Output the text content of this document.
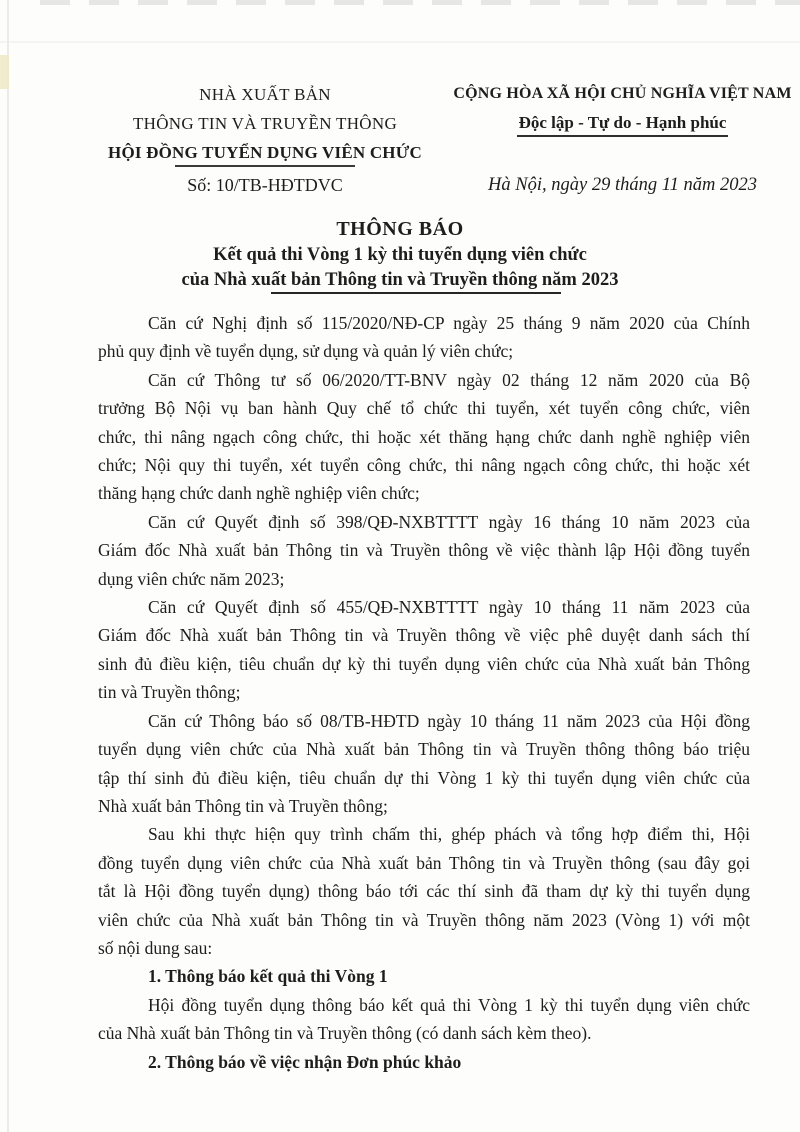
NHÀ XUẤT BẢN
THÔNG TIN VÀ TRUYỀN THÔNG
HỘI ĐỒNG TUYỂN DỤNG VIÊN CHỨC
Số: 10/TB-HĐTDVC
CỘNG HÒA XÃ HỘI CHỦ NGHĨA VIỆT NAM
Độc lập - Tự do - Hạnh phúc
Hà Nội, ngày 29 tháng 11 năm 2023
THÔNG BÁO
Kết quả thi Vòng 1 kỳ thi tuyển dụng viên chức
của Nhà xuất bản Thông tin và Truyền thông năm 2023
Căn cứ Nghị định số 115/2020/NĐ-CP ngày 25 tháng 9 năm 2020 của Chính
phủ quy định về tuyển dụng, sử dụng và quản lý viên chức;
Căn cứ Thông tư số 06/2020/TT-BNV ngày 02 tháng 12 năm 2020 của Bộ
trưởng Bộ Nội vụ ban hành Quy chế tổ chức thi tuyển, xét tuyển công chức, viên
chức, thi nâng ngạch công chức, thi hoặc xét thăng hạng chức danh nghề nghiệp viên
chức; Nội quy thi tuyển, xét tuyển công chức, thi nâng ngạch công chức, thi hoặc xét
thăng hạng chức danh nghề nghiệp viên chức;
Căn cứ Quyết định số 398/QĐ-NXBTTTT ngày 16 tháng 10 năm 2023 của
Giám đốc Nhà xuất bản Thông tin và Truyền thông về việc thành lập Hội đồng tuyển
dụng viên chức năm 2023;
Căn cứ Quyết định số 455/QĐ-NXBTTTT ngày 10 tháng 11 năm 2023 của
Giám đốc Nhà xuất bản Thông tin và Truyền thông về việc phê duyệt danh sách thí
sinh đủ điều kiện, tiêu chuẩn dự kỳ thi tuyển dụng viên chức của Nhà xuất bản Thông
tin và Truyền thông;
Căn cứ Thông báo số 08/TB-HĐTD ngày 10 tháng 11 năm 2023 của Hội đồng
tuyển dụng viên chức của Nhà xuất bản Thông tin và Truyền thông thông báo triệu
tập thí sinh đủ điều kiện, tiêu chuẩn dự thi Vòng 1 kỳ thi tuyển dụng viên chức của
Nhà xuất bản Thông tin và Truyền thông;
Sau khi thực hiện quy trình chấm thi, ghép phách và tổng hợp điểm thi, Hội
đồng tuyển dụng viên chức của Nhà xuất bản Thông tin và Truyền thông (sau đây gọi
tắt là Hội đồng tuyển dụng) thông báo tới các thí sinh đã tham dự kỳ thi tuyển dụng
viên chức của Nhà xuất bản Thông tin và Truyền thông năm 2023 (Vòng 1) với một
số nội dung sau:
1. Thông báo kết quả thi Vòng 1
Hội đồng tuyển dụng thông báo kết quả thi Vòng 1 kỳ thi tuyển dụng viên chức
của Nhà xuất bản Thông tin và Truyền thông (có danh sách kèm theo).
2. Thông báo về việc nhận Đơn phúc khảo
